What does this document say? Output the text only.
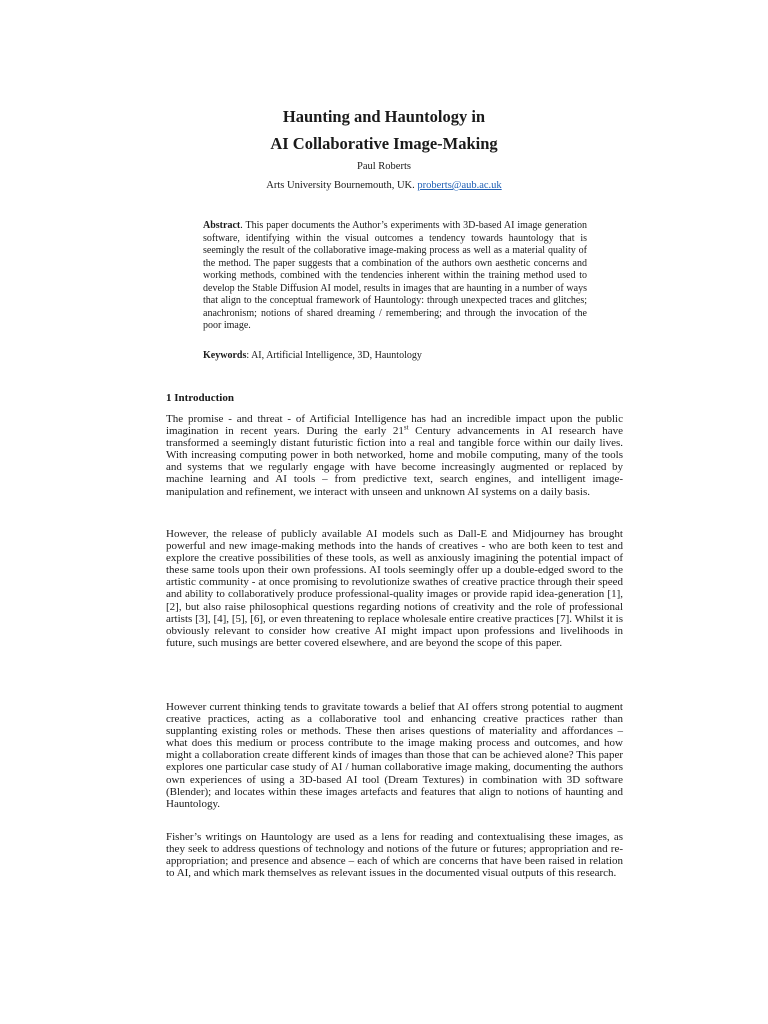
Haunting and Hauntology in
AI Collaborative Image-Making

Paul Roberts

Arts University Bournemouth, UK. proberts@aub.ac.uk

Abstract. This paper documents the Author’s experiments with 3D-based AI image generation software, identifying within the visual outcomes a tendency towards hauntology that is seemingly the result of the collaborative image-making process as well as a material quality of the method. The paper suggests that a combination of the authors own aesthetic concerns and working methods, combined with the tendencies inherent within the training method used to develop the Stable Diffusion AI model, results in images that are haunting in a number of ways that align to the conceptual framework of Hauntology: through unexpected traces and glitches; anachronism; notions of shared dreaming / remembering; and through the invocation of the poor image.

Keywords: AI, Artificial Intelligence, 3D, Hauntology

1 Introduction

The promise - and threat - of Artificial Intelligence has had an incredible impact upon the public imagination in recent years. During the early 21st Century advancements in AI research have transformed a seemingly distant futuristic fiction into a real and tangible force within our daily lives. With increasing computing power in both networked, home and mobile computing, many of the tools and systems that we regularly engage with have become increasingly augmented or replaced by machine learning and AI tools – from predictive text, search engines, and intelligent image-manipulation and refinement, we interact with unseen and unknown AI systems on a daily basis.

However, the release of publicly available AI models such as Dall-E and Midjourney has brought powerful and new image-making methods into the hands of creatives - who are both keen to test and explore the creative possibilities of these tools, as well as anxiously imagining the potential impact of these same tools upon their own professions. AI tools seemingly offer up a double-edged sword to the artistic community - at once promising to revolutionize swathes of creative practice through their speed and ability to collaboratively produce professional-quality images or provide rapid idea-generation [1], [2], but also raise philosophical questions regarding notions of creativity and the role of professional artists [3], [4], [5], [6], or even threatening to replace wholesale entire creative practices [7]. Whilst it is obviously relevant to consider how creative AI might impact upon professions and livelihoods in future, such musings are better covered elsewhere, and are beyond the scope of this paper.

However current thinking tends to gravitate towards a belief that AI offers strong potential to augment creative practices, acting as a collaborative tool and enhancing creative practices rather than supplanting existing roles or methods. These then arises questions of materiality and affordances – what does this medium or process contribute to the image making process and outcomes, and how might a collaboration create different kinds of images than those that can be achieved alone? This paper explores one particular case study of AI / human collaborative image making, documenting the authors own experiences of using a 3D-based AI tool (Dream Textures) in combination with 3D software (Blender); and locates within these images artefacts and features that align to notions of haunting and Hauntology.

Fisher’s writings on Hauntology are used as a lens for reading and contextualising these images, as they seek to address questions of technology and notions of the future or futures; appropriation and re-appropriation; and presence and absence – each of which are concerns that have been raised in relation to AI, and which mark themselves as relevant issues in the documented visual outputs of this research.
